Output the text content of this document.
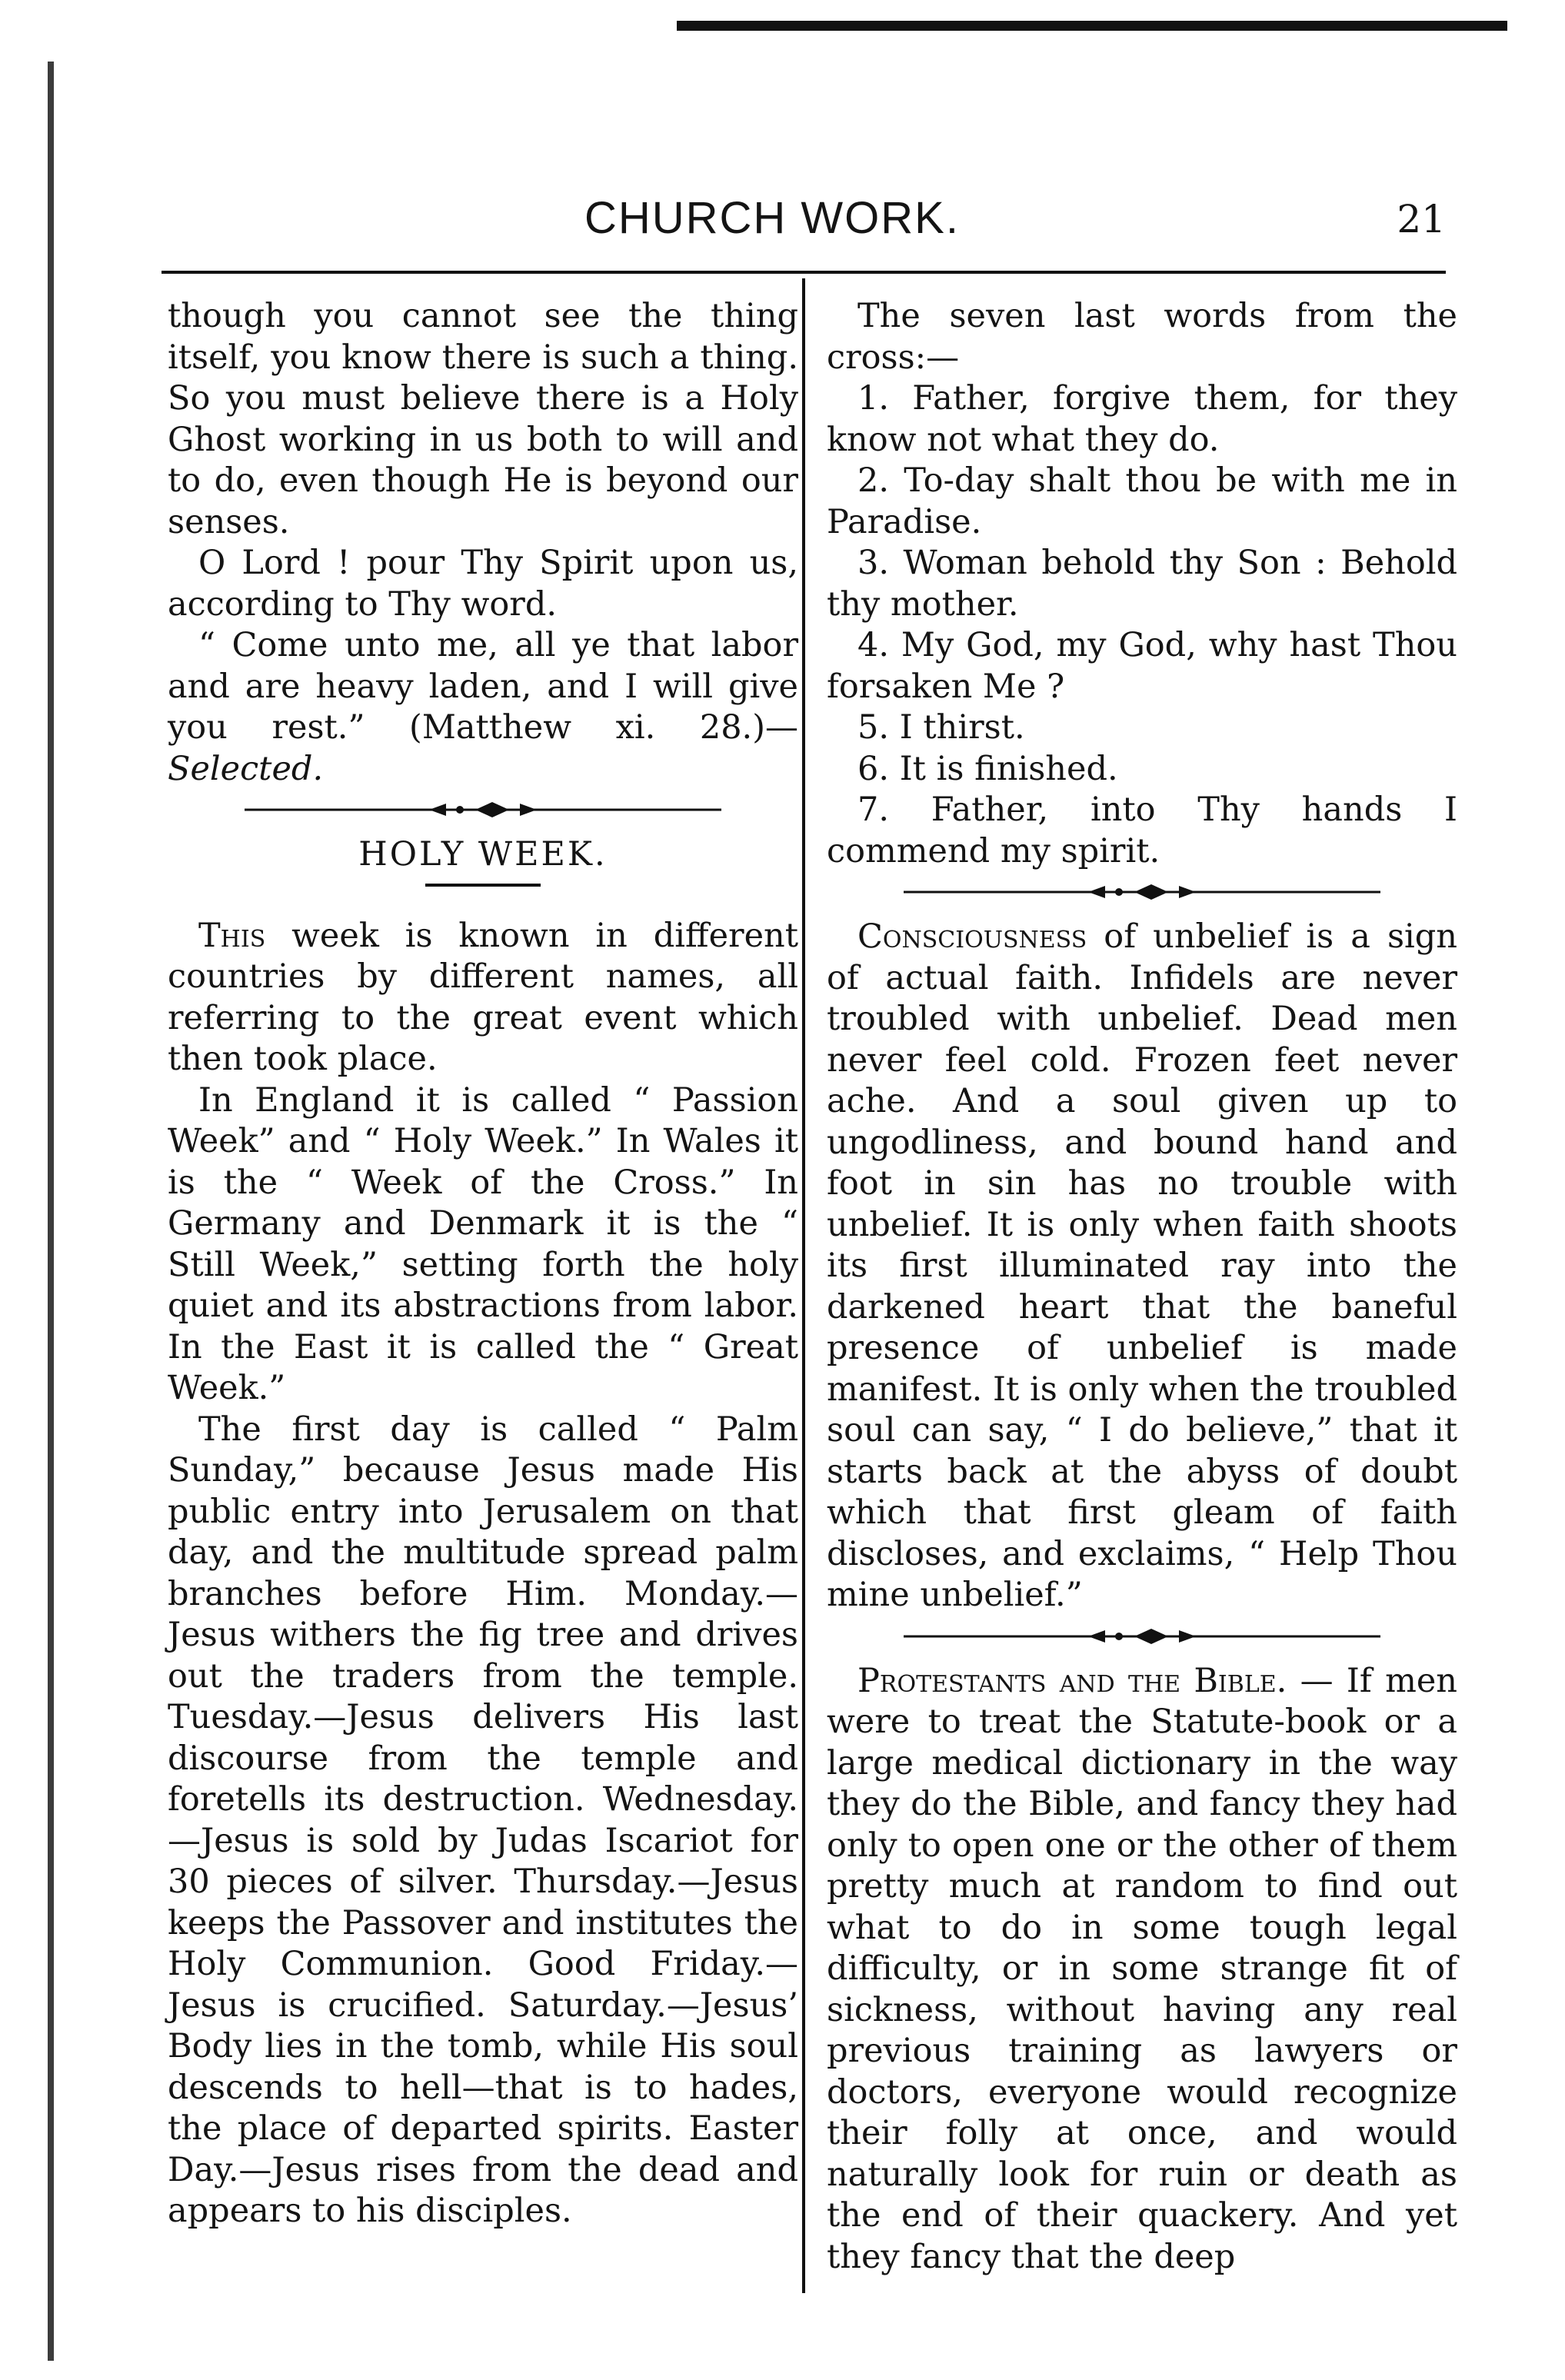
CHURCH WORK.	21

though you cannot see the thing itself, you know there is such a thing. So you must believe there is a Holy Ghost working in us both to will and to do, even though He is beyond our senses.

O Lord ! pour Thy Spirit upon us, according to Thy word.

“ Come unto me, all ye that labor and are heavy laden, and I will give you rest.” (Matthew xi. 28.)—Selected.

HOLY WEEK.

This week is known in different countries by different names, all referring to the great event which then took place.

In England it is called “ Passion Week” and “ Holy Week.” In Wales it is the “ Week of the Cross.” In Germany and Denmark it is the “ Still Week,” setting forth the holy quiet and its abstractions from labor. In the East it is called the “ Great Week.”

The first day is called “ Palm Sunday,” because Jesus made His public entry into Jerusalem on that day, and the multitude spread palm branches before Him. Monday.—Jesus withers the fig tree and drives out the traders from the temple. Tuesday.—Jesus delivers His last discourse from the temple and foretells its destruction. Wednesday.—Jesus is sold by Judas Iscariot for 30 pieces of silver. Thursday.—Jesus keeps the Passover and institutes the Holy Communion. Good Friday.—Jesus is crucified. Saturday.—Jesus’ Body lies in the tomb, while His soul descends to hell—that is to hades, the place of departed spirits. Easter Day.—Jesus rises from the dead and appears to his disciples.

The seven last words from the cross:—

1. Father, forgive them, for they know not what they do.

2. To-day shalt thou be with me in Paradise.

3. Woman behold thy Son : Behold thy mother.

4. My God, my God, why hast Thou forsaken Me ?

5. I thirst.

6. It is finished.

7. Father, into Thy hands I commend my spirit.

Consciousness of unbelief is a sign of actual faith. Infidels are never troubled with unbelief. Dead men never feel cold. Frozen feet never ache. And a soul given up to ungodliness, and bound hand and foot in sin has no trouble with unbelief. It is only when faith shoots its first illuminated ray into the darkened heart that the baneful presence of unbelief is made manifest. It is only when the troubled soul can say, “ I do believe,” that it starts back at the abyss of doubt which that first gleam of faith discloses, and exclaims, “ Help Thou mine unbelief.”

Protestants and the Bible. — If men were to treat the Statute-book or a large medical dictionary in the way they do the Bible, and fancy they had only to open one or the other of them pretty much at random to find out what to do in some tough legal difficulty, or in some strange fit of sickness, without having any real previous training as lawyers or doctors, everyone would recognize their folly at once, and would naturally look for ruin or death as the end of their quackery. And yet they fancy that the deep
